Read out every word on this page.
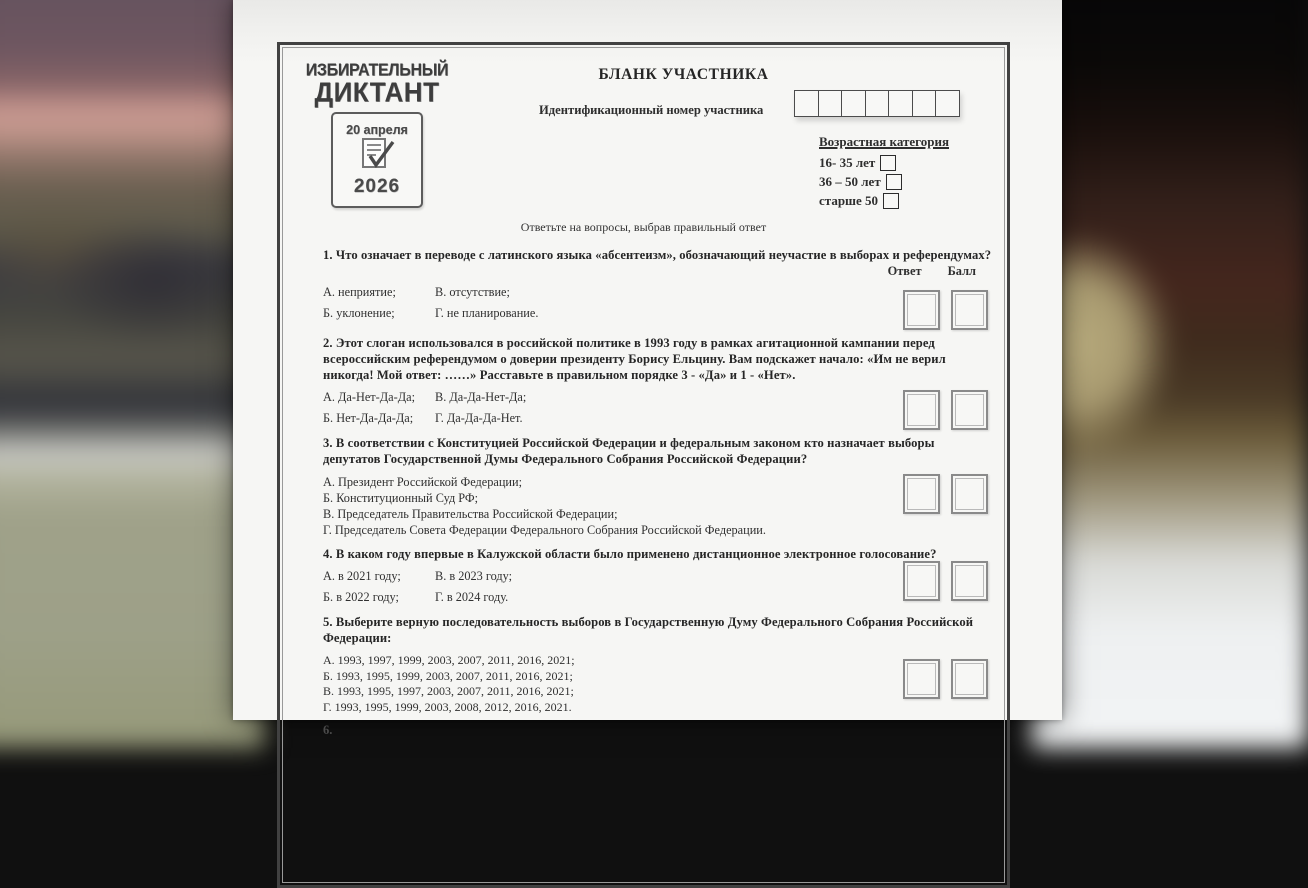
ИЗБИРАТЕЛЬНЫЙ
ДИКТАНТ
20 апреля
2026
БЛАНК УЧАСТНИКА
Идентификационный номер участника
Возрастная категория
16- 35 лет
36 – 50 лет
старше 50
Ответьте на вопросы, выбрав правильный ответ
1. Что означает в переводе с латинского языка «абсентеизм», обозначающий неучастие в выборах и референдумах?
Ответ Балл
А. неприятие;	В. отсутствие;
Б. уклонение;	Г. не планирование.
2. Этот слоган использовался в российской политике в 1993 году в рамках агитационной кампании перед всероссийским референдумом о доверии президенту Борису Ельцину. Вам подскажет начало: «Им не верил никогда! Мой ответ: ……» Расставьте в правильном порядке 3 - «Да» и 1 - «Нет».
А. Да-Нет-Да-Да;	В. Да-Да-Нет-Да;
Б. Нет-Да-Да-Да;	Г. Да-Да-Да-Нет.
3. В соответствии с Конституцией Российской Федерации и федеральным законом кто назначает выборы депутатов Государственной Думы Федерального Собрания Российской Федерации?
А. Президент Российской Федерации;
Б. Конституционный Суд РФ;
В. Председатель Правительства Российской Федерации;
Г. Председатель Совета Федерации Федерального Собрания Российской Федерации.
4. В каком году впервые в Калужской области было применено дистанционное электронное голосование?
А. в 2021 году;	В. в 2023 году;
Б. в 2022 году;	Г. в 2024 году.
5. Выберите верную последовательность выборов в Государственную Думу Федерального Собрания Российской Федерации:
А. 1993, 1997, 1999, 2003, 2007, 2011, 2016, 2021;
Б. 1993, 1995, 1999, 2003, 2007, 2011, 2016, 2021;
В. 1993, 1995, 1997, 2003, 2007, 2011, 2016, 2021;
Г. 1993, 1995, 1999, 2003, 2008, 2012, 2016, 2021.
6.
